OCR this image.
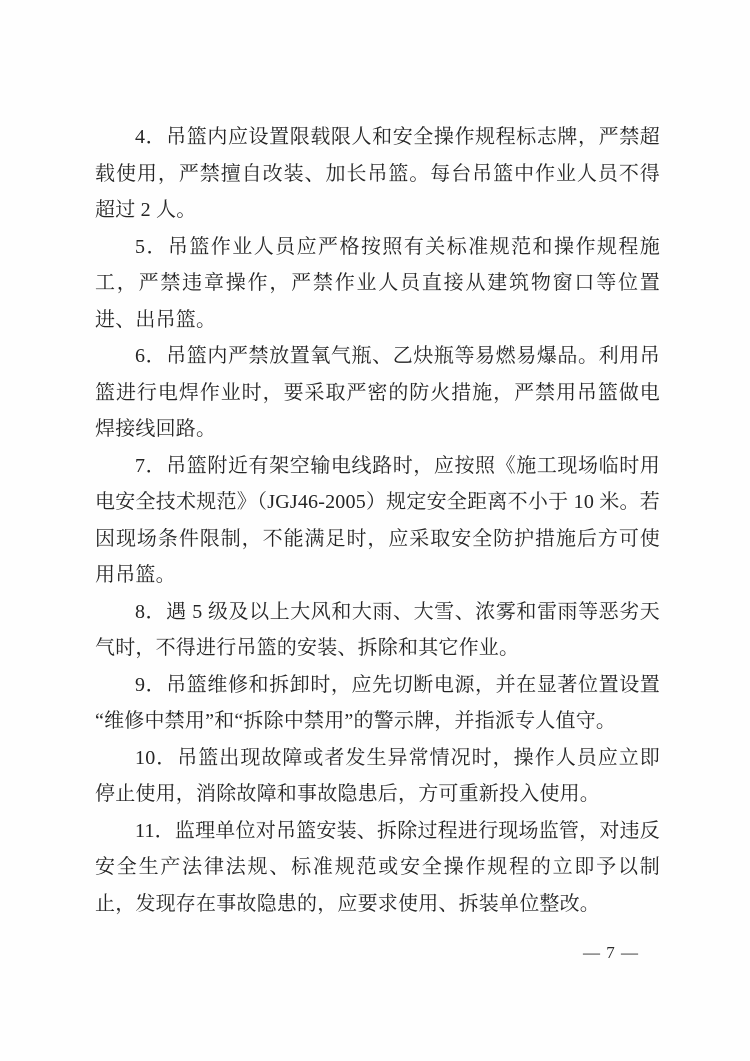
4．吊篮内应设置限载限人和安全操作规程标志牌，严禁超载使用，严禁擅自改装、加长吊篮。每台吊篮中作业人员不得超过 2 人。

5．吊篮作业人员应严格按照有关标准规范和操作规程施工，严禁违章操作，严禁作业人员直接从建筑物窗口等位置进、出吊篮。

6．吊篮内严禁放置氧气瓶、乙炔瓶等易燃易爆品。利用吊篮进行电焊作业时，要采取严密的防火措施，严禁用吊篮做电焊接线回路。

7．吊篮附近有架空输电线路时，应按照《施工现场临时用电安全技术规范》（JGJ46-2005）规定安全距离不小于 10 米。若因现场条件限制，不能满足时，应采取安全防护措施后方可使用吊篮。

8．遇 5 级及以上大风和大雨、大雪、浓雾和雷雨等恶劣天气时，不得进行吊篮的安装、拆除和其它作业。

9．吊篮维修和拆卸时，应先切断电源，并在显著位置设置“维修中禁用”和“拆除中禁用”的警示牌，并指派专人值守。

10．吊篮出现故障或者发生异常情况时，操作人员应立即停止使用，消除故障和事故隐患后，方可重新投入使用。

11．监理单位对吊篮安装、拆除过程进行现场监管，对违反安全生产法律法规、标准规范或安全操作规程的立即予以制止，发现存在事故隐患的，应要求使用、拆装单位整改。

— 7 —
